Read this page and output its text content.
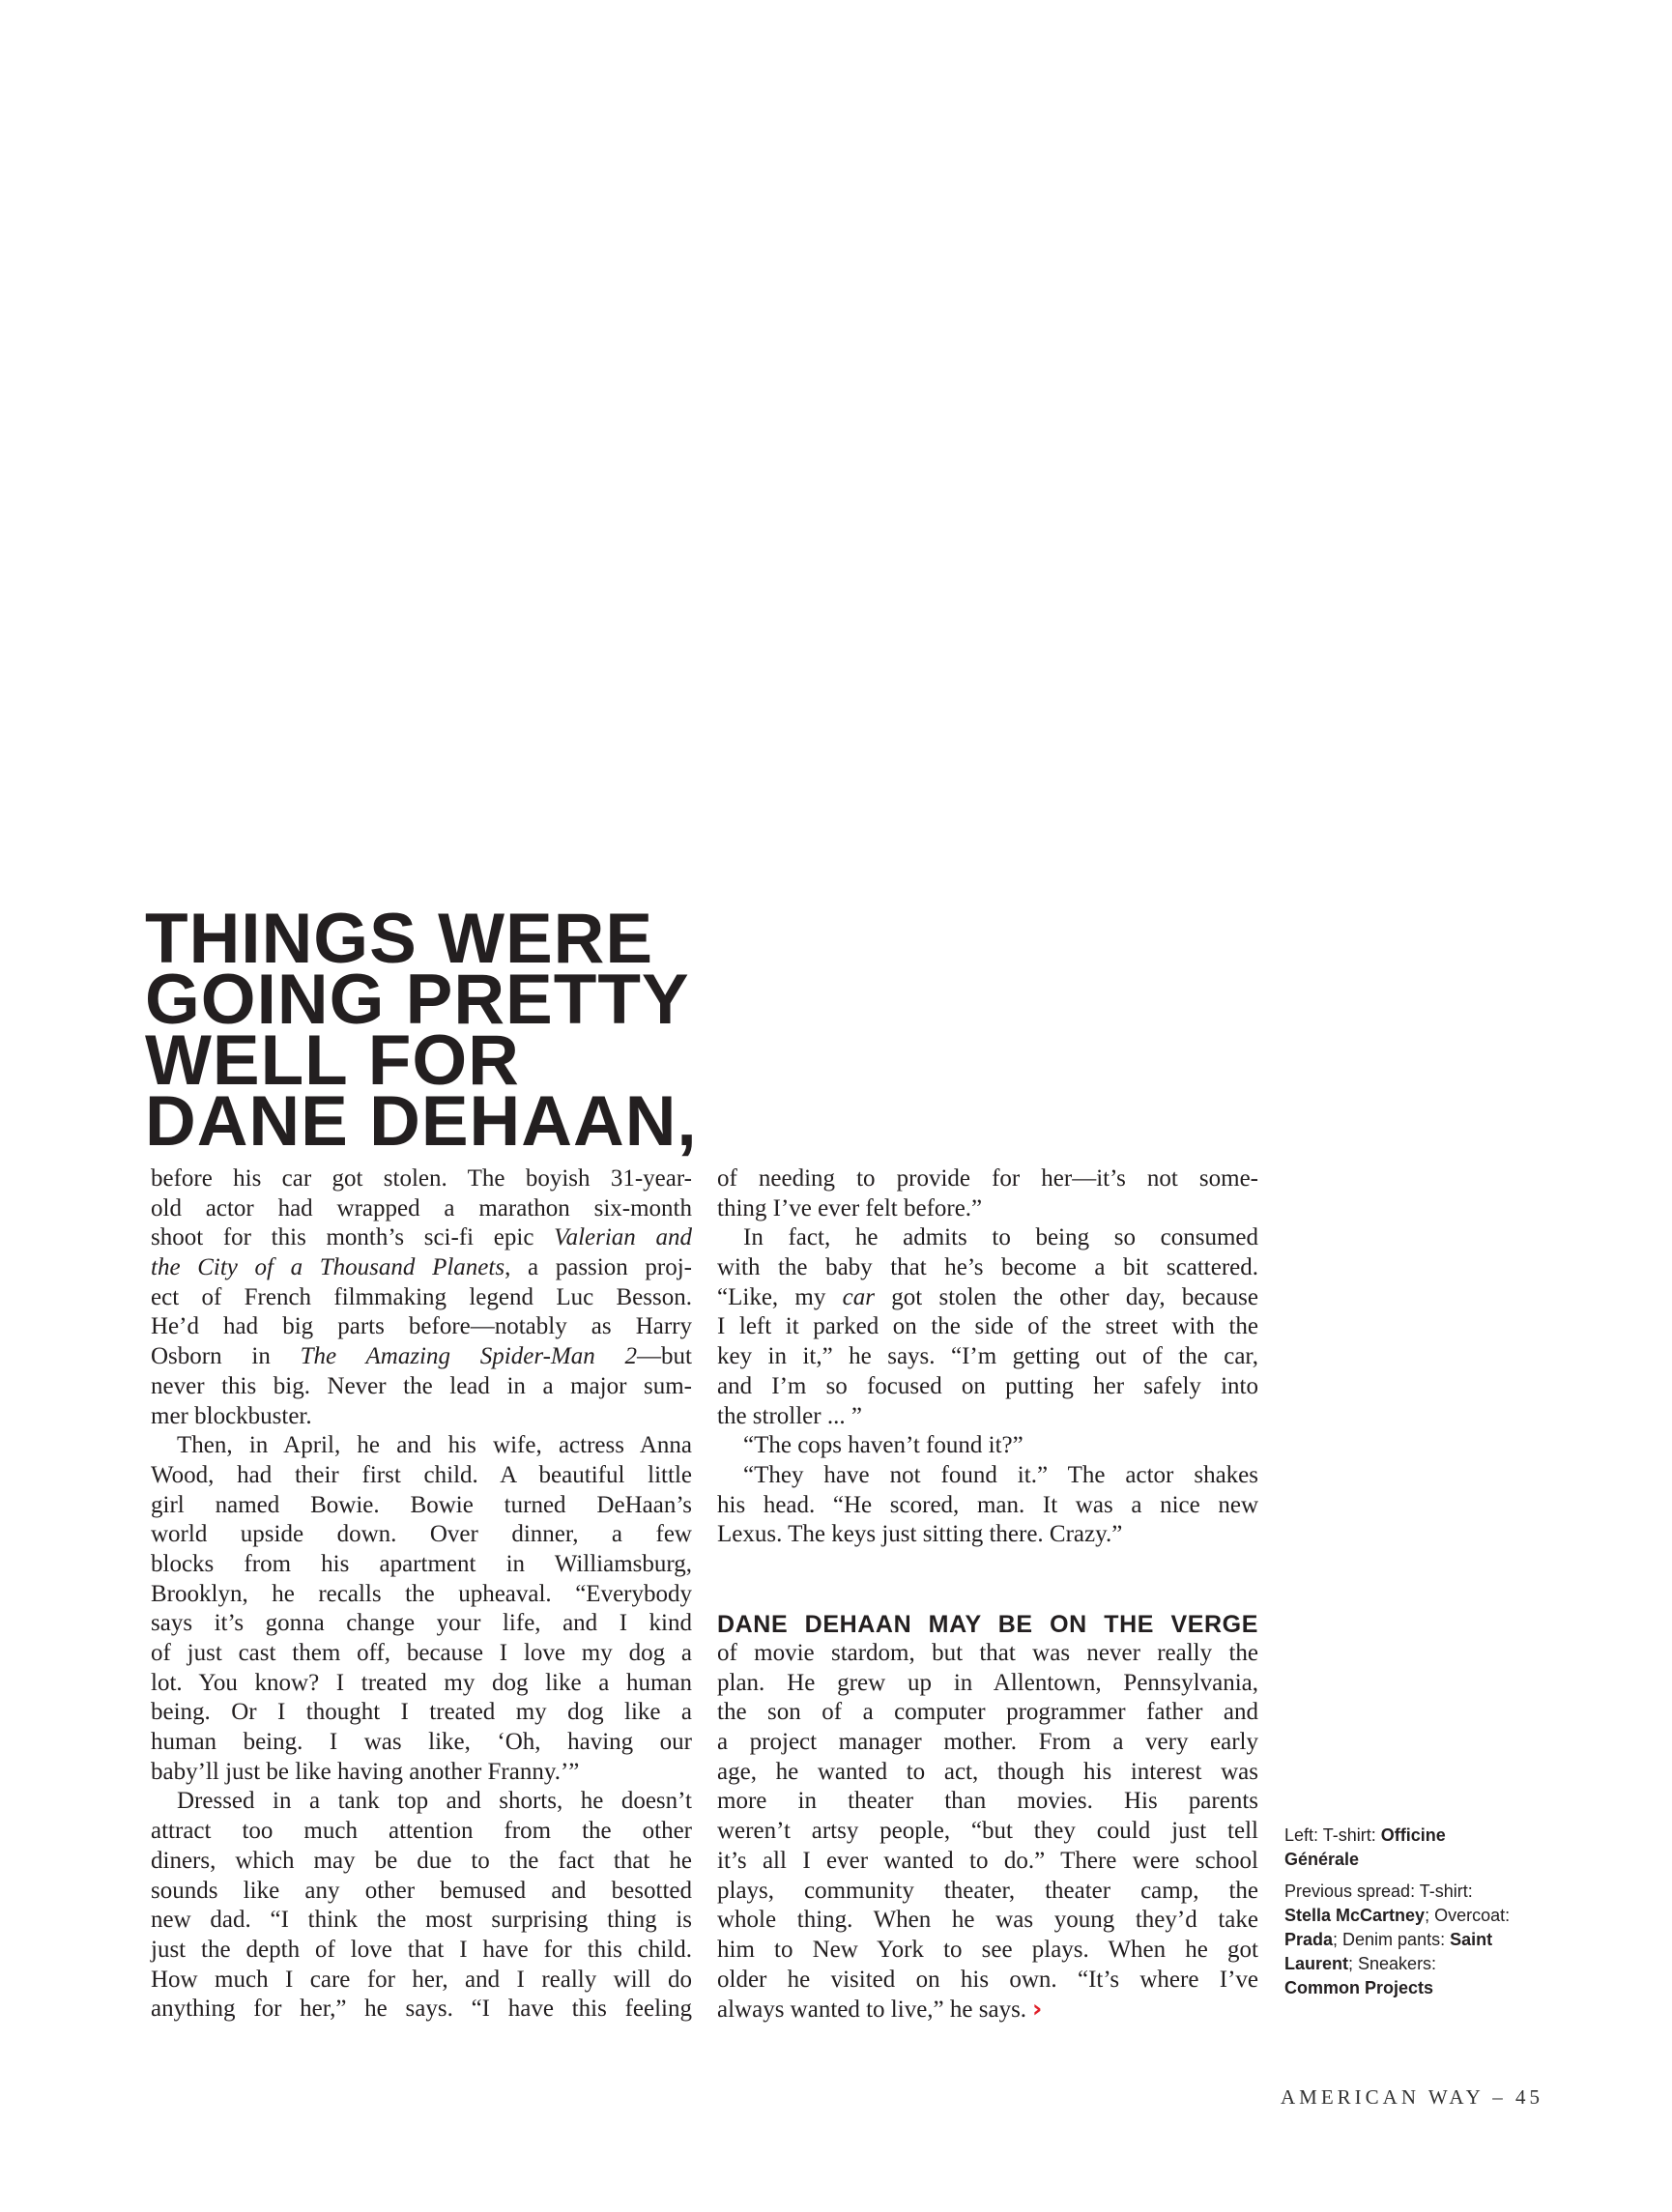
THINGS WERE
GOING PRETTY
WELL FOR
DANE DEHAAN,
before his car got stolen. The boyish 31-year-
old actor had wrapped a marathon six-month
shoot for this month’s sci-fi epic Valerian and
the City of a Thousand Planets, a passion proj-
ect of French filmmaking legend Luc Besson.
He’d had big parts before—notably as Harry
Osborn in The Amazing Spider-Man 2—but
never this big. Never the lead in a major sum-
mer blockbuster.
Then, in April, he and his wife, actress Anna
Wood, had their first child. A beautiful little
girl named Bowie. Bowie turned DeHaan’s
world upside down. Over dinner, a few
blocks from his apartment in Williamsburg,
Brooklyn, he recalls the upheaval. “Everybody
says it’s gonna change your life, and I kind
of just cast them off, because I love my dog a
lot. You know? I treated my dog like a human
being. Or I thought I treated my dog like a
human being. I was like, ‘Oh, having our
baby’ll just be like having another Franny.’”
Dressed in a tank top and shorts, he doesn’t
attract too much attention from the other
diners, which may be due to the fact that he
sounds like any other bemused and besotted
new dad. “I think the most surprising thing is
just the depth of love that I have for this child.
How much I care for her, and I really will do
anything for her,” he says. “I have this feeling
of needing to provide for her—it’s not some-
thing I’ve ever felt before.”
In fact, he admits to being so consumed
with the baby that he’s become a bit scattered.
“Like, my car got stolen the other day, because
I left it parked on the side of the street with the
key in it,” he says. “I’m getting out of the car,
and I’m so focused on putting her safely into
the stroller ... ”
“The cops haven’t found it?”
“They have not found it.” The actor shakes
his head. “He scored, man. It was a nice new
Lexus. The keys just sitting there. Crazy.”
DANE DEHAAN MAY BE ON THE VERGE
of movie stardom, but that was never really the
plan. He grew up in Allentown, Pennsylvania,
the son of a computer programmer father and
a project manager mother. From a very early
age, he wanted to act, though his interest was
more in theater than movies. His parents
weren’t artsy people, “but they could just tell
it’s all I ever wanted to do.” There were school
plays, community theater, theater camp, the
whole thing. When he was young they’d take
him to New York to see plays. When he got
older he visited on his own. “It’s where I’ve
always wanted to live,” he says. ›
Left: T-shirt: Officine Générale
Previous spread: T-shirt: Stella McCartney; Overcoat: Prada; Denim pants: Saint Laurent; Sneakers: Common Projects
AMERICAN WAY – 45
